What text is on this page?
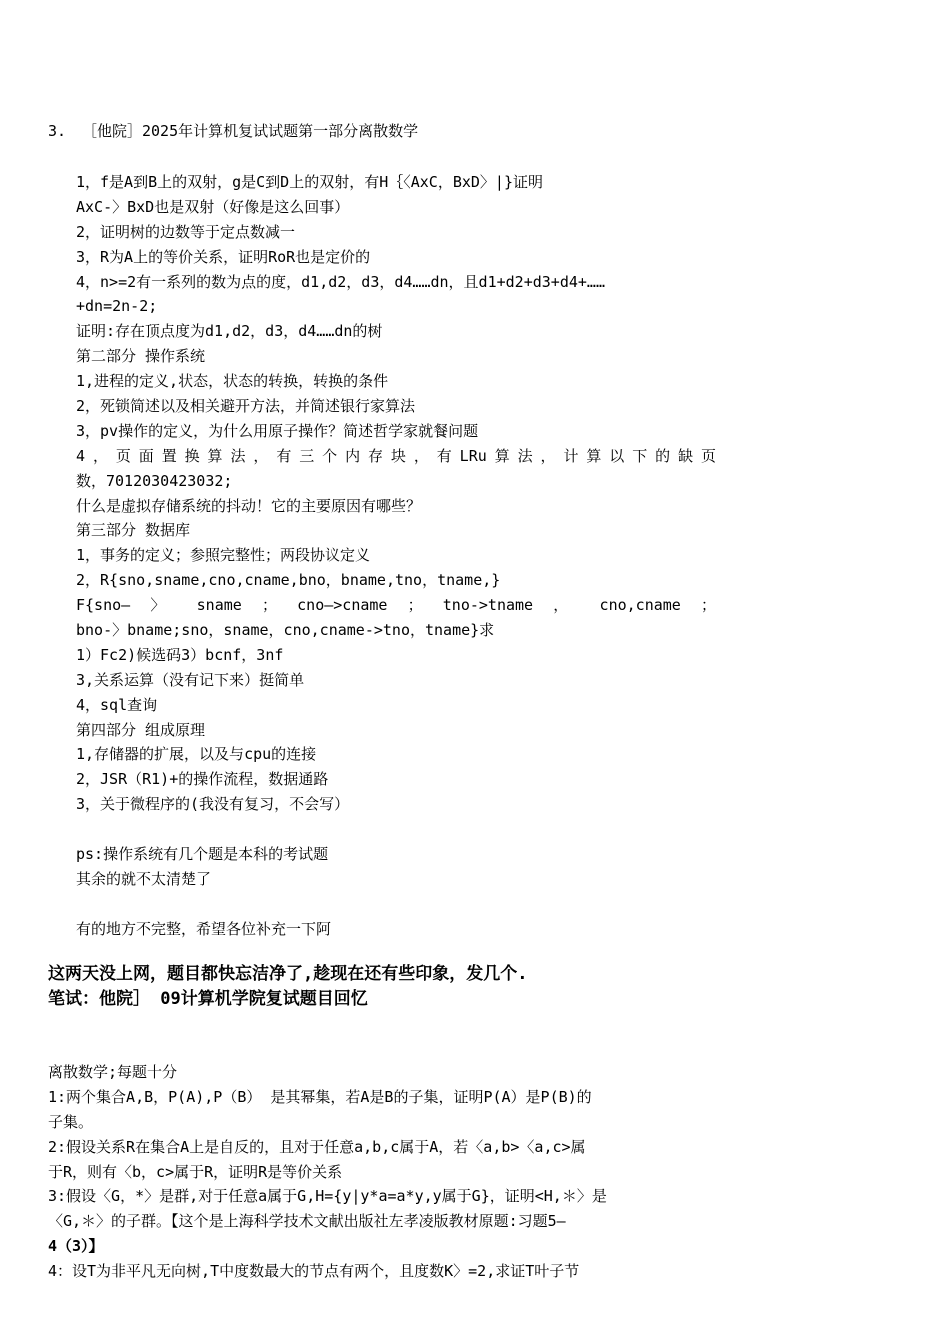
3. ［他院］2025年计算机复试试题第一部分离散数学
1，f是A到B上的双射，g是C到D上的双射，有H｛〈AxC，BxD〉|}证明
AxC-〉BxD也是双射（好像是这么回事）
2，证明树的边数等于定点数减一
3，R为A上的等价关系，证明RoR也是定价的
4，n>=2有一系列的数为点的度，d1,d2，d3，d4……dn，且d1+d2+d3+d4+……
+dn=2n-2;
证明:存在顶点度为d1,d2，d3，d4……dn的树
第二部分 操作系统
1,进程的定义,状态，状态的转换，转换的条件
2，死锁简述以及相关避开方法，并简述银行家算法
3，pv操作的定义，为什么用原子操作？简述哲学家就餐问题
4，页面置换算法，有三个内存块，有LRu算法，计算以下的缺页
数，7012030423032;
什么是虚拟存储系统的抖动！它的主要原因有哪些？
第三部分 数据库
1，事务的定义；参照完整性；两段协议定义
2，R{sno,sname,cno,cname,bno，bname,tno，tname,}
F{sno— 〉 sname ； cno—>cname ； tno->tname ， cno,cname ；
bno-〉bname;sno，sname，cno,cname->tno，tname}求
1）Fc2)候选码3）bcnf，3nf
3,关系运算（没有记下来）挺简单
4，sql查询
第四部分 组成原理
1,存储器的扩展，以及与cpu的连接
2，JSR（R1)+的操作流程，数据通路
3，关于微程序的(我没有复习，不会写）
ps:操作系统有几个题是本科的考试题
其余的就不太清楚了
有的地方不完整，希望各位补充一下阿
这两天没上网，题目都快忘洁净了,趁现在还有些印象，发几个.
笔试：他院］ 09计算机学院复试题目回忆
离散数学;每题十分
1:两个集合A,B，P(A),P（B） 是其幂集，若A是B的子集，证明P(A）是P(B)的
子集。
2:假设关系R在集合A上是自反的，且对于任意a,b,c属于A，若〈a,b>〈a,c>属
于R，则有〈b，c>属于R，证明R是等价关系
3:假设〈G，*〉是群,对于任意a属于G,H={y|y*a=a*y,y属于G}，证明<H,＊〉是
〈G,＊〉的子群。【这个是上海科学技术文献出版社左孝凌版教材原题:习题5—
4（3）】
4：设T为非平凡无向树,T中度数最大的节点有两个，且度数K〉=2,求证T叶子节
